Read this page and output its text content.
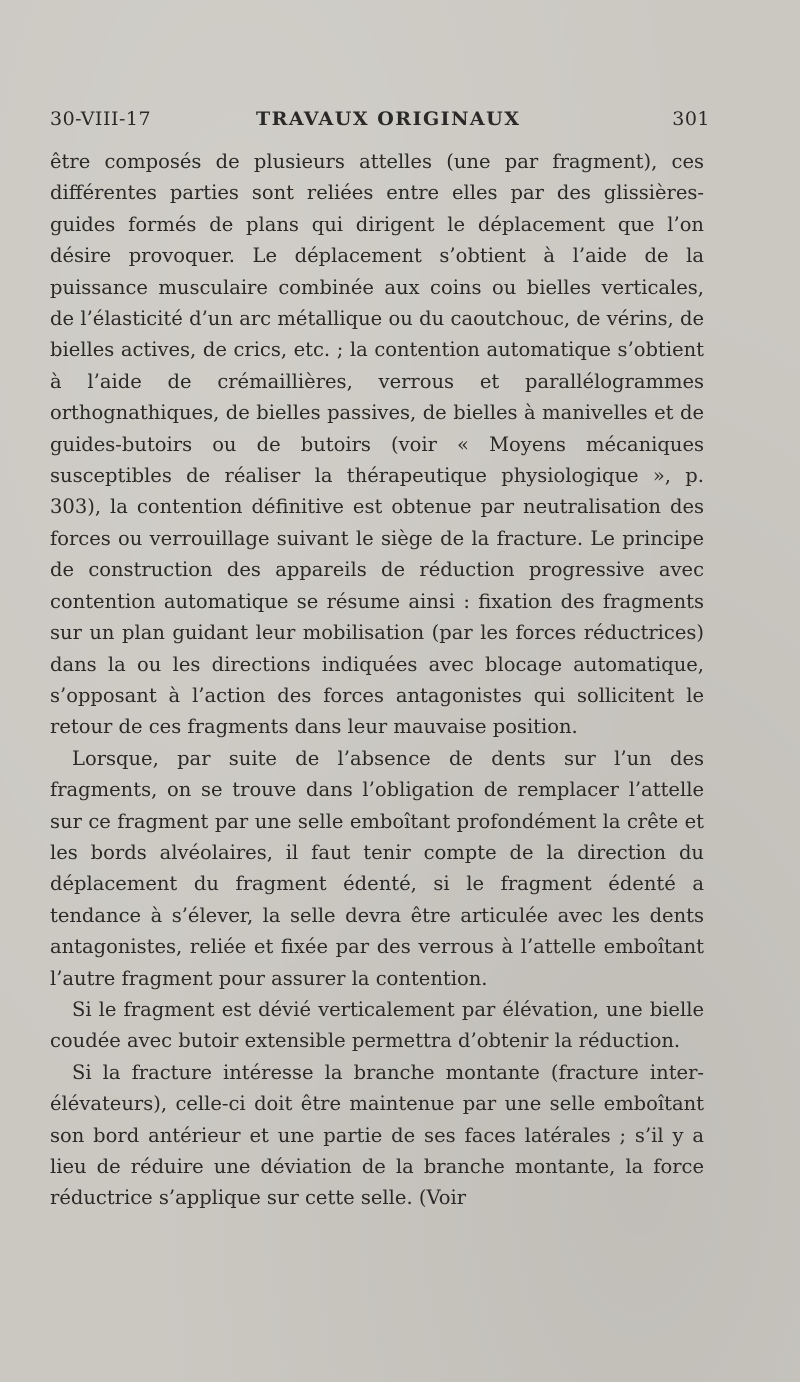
30-VIII-17	TRAVAUX ORIGINAUX	301

être composés de plusieurs attelles (une par fragment), ces différentes parties sont reliées entre elles par des glissières-guides formés de plans qui dirigent le déplacement que l’on désire provoquer. Le déplacement s’obtient à l’aide de la puissance musculaire combinée aux coins ou bielles verticales, de l’élasticité d’un arc métallique ou du caoutchouc, de vérins, de bielles actives, de crics, etc. ; la contention automatique s’obtient à l’aide de crémaillières, verrous et parallélogrammes orthognathiques, de bielles passives, de bielles à manivelles et de guides-butoirs ou de butoirs (voir « Moyens mécaniques susceptibles de réaliser la thérapeutique physiologique », p. 303), la contention définitive est obtenue par neutralisation des forces ou verrouillage suivant le siège de la fracture. Le principe de construction des appareils de réduction progressive avec contention automatique se résume ainsi : fixation des fragments sur un plan guidant leur mobilisation (par les forces réductrices) dans la ou les directions indiquées avec blocage automatique, s’opposant à l’action des forces antagonistes qui sollicitent le retour de ces fragments dans leur mauvaise position.

Lorsque, par suite de l’absence de dents sur l’un des fragments, on se trouve dans l’obligation de remplacer l’attelle sur ce fragment par une selle emboîtant profondément la crête et les bords alvéolaires, il faut tenir compte de la direction du déplacement du fragment édenté, si le fragment édenté a tendance à s’élever, la selle devra être articulée avec les dents antagonistes, reliée et fixée par des verrous à l’attelle emboîtant l’autre fragment pour assurer la contention.

Si le fragment est dévié verticalement par élévation, une bielle coudée avec butoir extensible permettra d’obtenir la réduction.

Si la fracture intéresse la branche montante (fracture inter-élévateurs), celle-ci doit être maintenue par une selle emboîtant son bord antérieur et une partie de ses faces latérales ; s’il y a lieu de réduire une déviation de la branche montante, la force réductrice s’applique sur cette selle. (Voir
